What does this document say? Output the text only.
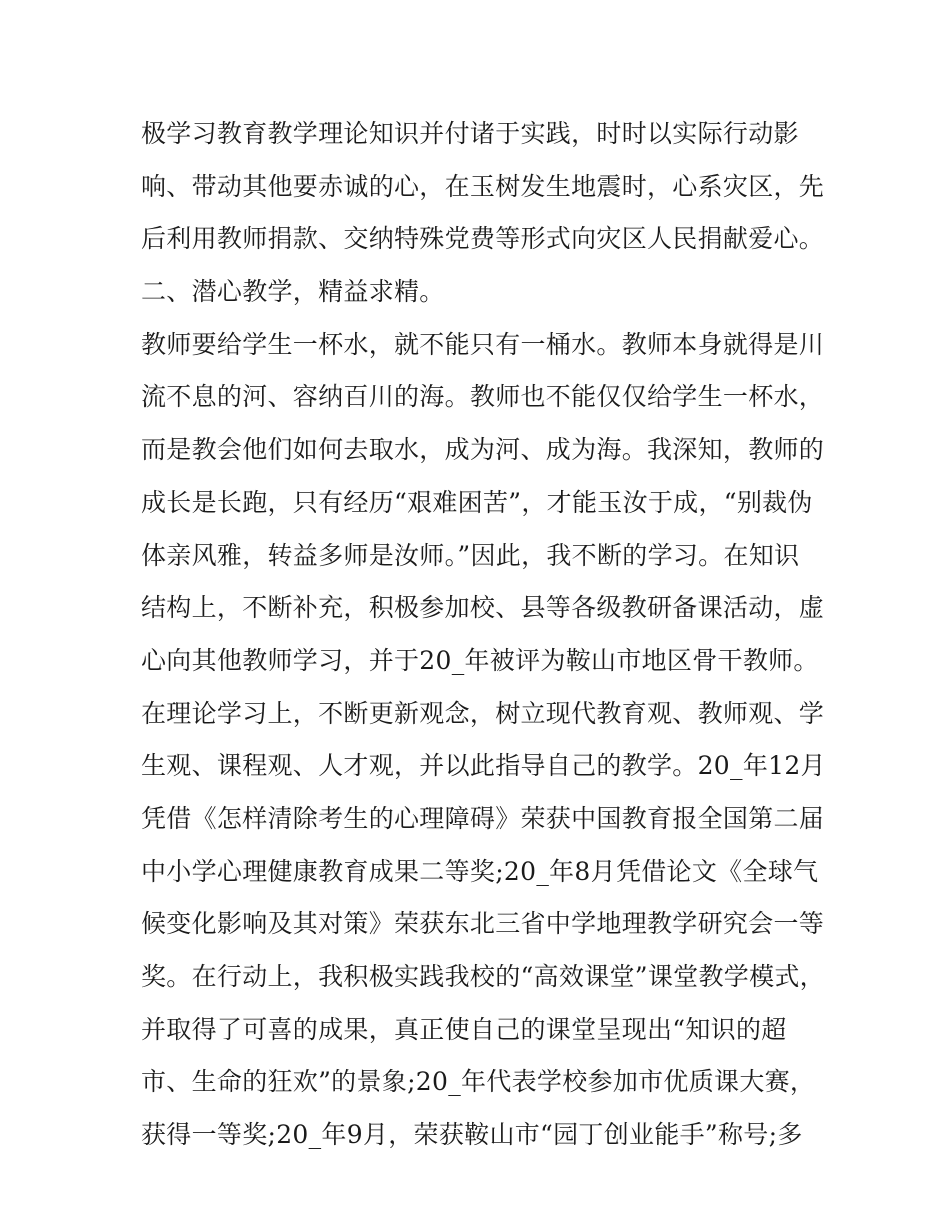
极学习教育教学理论知识并付诸于实践，时时以实际行动影
响、带动其他要赤诚的心，在玉树发生地震时，心系灾区，先
后利用教师捐款、交纳特殊党费等形式向灾区人民捐献爱心。
二、潜心教学，精益求精。
教师要给学生一杯水，就不能只有一桶水。教师本身就得是川
流不息的河、容纳百川的海。教师也不能仅仅给学生一杯水，
而是教会他们如何去取水，成为河、成为海。我深知，教师的
成长是长跑，只有经历“艰难困苦”，才能玉汝于成，“别裁伪
体亲风雅，转益多师是汝师。”因此，我不断的学习。在知识
结构上，不断补充，积极参加校、县等各级教研备课活动，虚
心向其他教师学习，并于20_年被评为鞍山市地区骨干教师。
在理论学习上，不断更新观念，树立现代教育观、教师观、学
生观、课程观、人才观，并以此指导自己的教学。20_年12月
凭借《怎样清除考生的心理障碍》荣获中国教育报全国第二届
中小学心理健康教育成果二等奖;20_年8月凭借论文《全球气
候变化影响及其对策》荣获东北三省中学地理教学研究会一等
奖。在行动上，我积极实践我校的“高效课堂”课堂教学模式，
并取得了可喜的成果，真正使自己的课堂呈现出“知识的超
市、生命的狂欢”的景象;20_年代表学校参加市优质课大赛，
获得一等奖;20_年9月，荣获鞍山市“园丁创业能手”称号;多
